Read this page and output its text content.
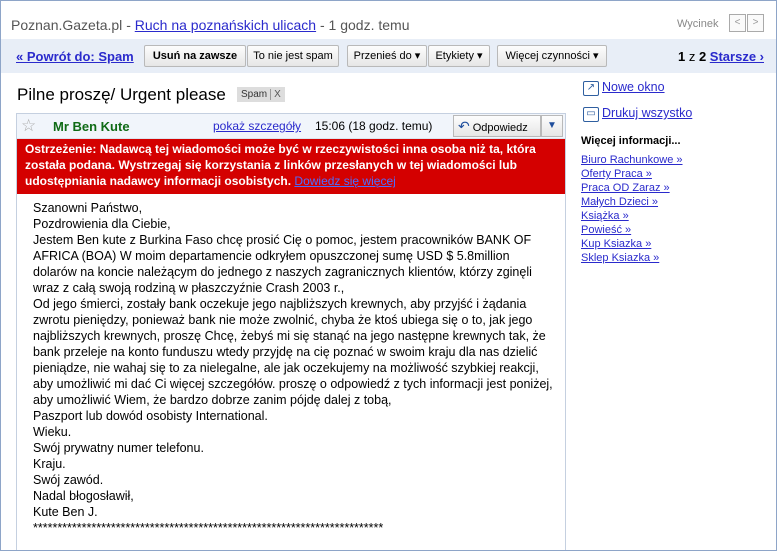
Poznan.Gazeta.pl - Ruch na poznańskich ulicach - 1 godz. temu	Wycinek	<	>
« Powrót do: Spam	Usuń na zawsze	To nie jest spam	Przenieś do ▾	Etykiety ▾	Więcej czynności ▾	1 z 2 Starsze ›
Pilne proszę/ Urgent please	Spam X
☆ Mr Ben Kute	pokaż szczegóły 15:06 (18 godz. temu)	↶ Odpowiedz	▼
Ostrzeżenie: Nadawcą tej wiadomości może być w rzeczywistości inna osoba niż ta, która została podana. Wystrzegaj się korzystania z linków przesłanych w tej wiadomości lub udostępniania nadawcy informacji osobistych. Dowiedz się więcej
Szanowni Państwo,
Pozdrowienia dla Ciebie,
Jestem Ben kute z Burkina Faso chcę prosić Cię o pomoc, jestem pracowników BANK OF AFRICA (BOA) W moim departamencie odkryłem opuszczonej sumę USD $ 5.8million dolarów na koncie należącym do jednego z naszych zagranicznych klientów, którzy zginęli wraz z całą swoją rodziną w płaszczyźnie Crash 2003 r.,
Od jego śmierci, zostały bank oczekuje jego najbliższych krewnych, aby przyjść i żądania zwrotu pieniędzy, ponieważ bank nie może zwolnić, chyba że ktoś ubiega się o to, jak jego najbliższych krewnych, proszę Chcę, żebyś mi się stanąć na jego następne krewnych tak, że bank przeleje na konto funduszu wtedy przyjdę na cię poznać w swoim kraju dla nas dzielić pieniądze, nie wahaj się to za nielegalne, ale jak oczekujemy na możliwość szybkiej reakcji, aby umożliwić mi dać Ci więcej szczegółów. proszę o odpowiedź z tych informacji jest poniżej, aby umożliwić Wiem, że bardzo dobrze zanim pójdę dalej z tobą,
Paszport lub dowód osobisty International.
Wieku.
Swój prywatny numer telefonu.
Kraju.
Swój zawód.
Nadal błogosławił,
Kute Ben J.
************************************************************************
↗ Nowe okno
▭ Drukuj wszystko
Więcej informacji...
Biuro Rachunkowe »
Oferty Praca »
Praca OD Zaraz »
Małych Dzieci »
Książka »
Powieść »
Kup Ksiazka »
Sklep Ksiazka »
